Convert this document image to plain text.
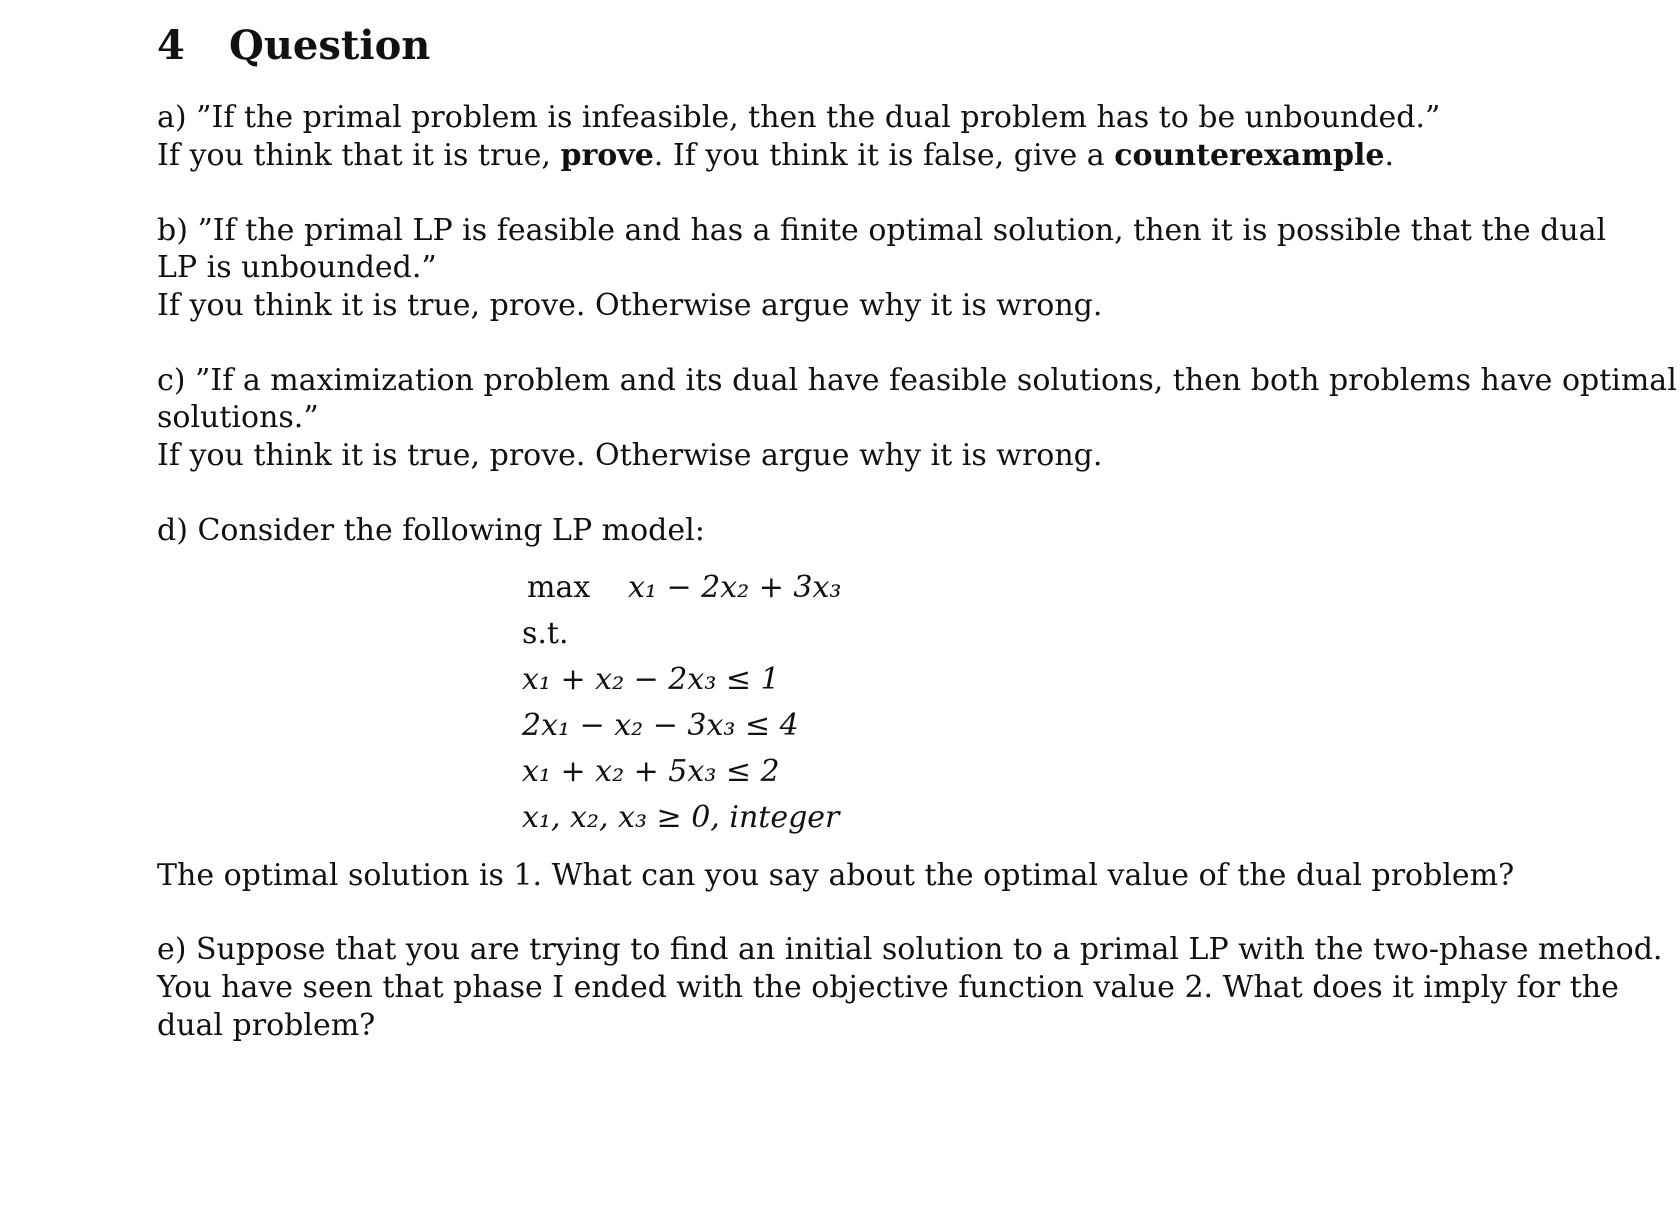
4 Question
a) ”If the primal problem is infeasible, then the dual problem has to be unbounded.”
If you think that it is true, prove. If you think it is false, give a counterexample.
b) ”If the primal LP is feasible and has a finite optimal solution, then it is possible that the dual
LP is unbounded.”
If you think it is true, prove. Otherwise argue why it is wrong.
c) ”If a maximization problem and its dual have feasible solutions, then both problems have optimal
solutions.”
If you think it is true, prove. Otherwise argue why it is wrong.
d) Consider the following LP model:
max x₁ − 2x₂ + 3x₃
s.t.
x₁ + x₂ − 2x₃ ≤ 1
2x₁ − x₂ − 3x₃ ≤ 4
x₁ + x₂ + 5x₃ ≤ 2
x₁, x₂, x₃ ≥ 0, integer
The optimal solution is 1. What can you say about the optimal value of the dual problem?
e) Suppose that you are trying to find an initial solution to a primal LP with the two-phase method.
You have seen that phase I ended with the objective function value 2. What does it imply for the
dual problem?
